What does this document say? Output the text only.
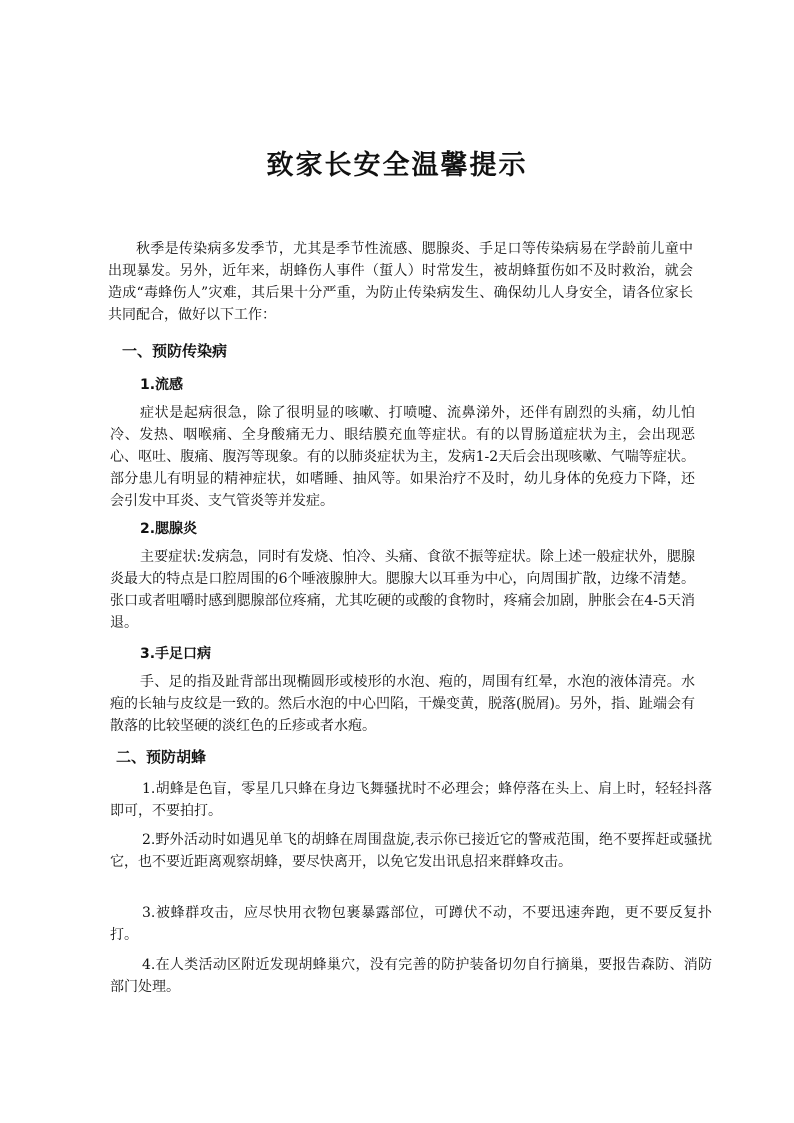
致家长安全温馨提示

秋季是传染病多发季节，尤其是季节性流感、腮腺炎、手足口等传染病易在学龄前儿童中出现暴发。另外，近年来，胡蜂伤人事件（蜇人）时常发生，被胡蜂蜇伤如不及时救治，就会造成“毒蜂伤人”灾难，其后果十分严重，为防止传染病发生、确保幼儿人身安全，请各位家长共同配合，做好以下工作：

一、预防传染病
1.流感

症状是起病很急，除了很明显的咳嗽、打喷嚏、流鼻涕外，还伴有剧烈的头痛，幼儿怕冷、发热、咽喉痛、全身酸痛无力、眼结膜充血等症状。有的以胃肠道症状为主，会出现恶心、呕吐、腹痛、腹泻等现象。有的以肺炎症状为主，发病1-2天后会出现咳嗽、气喘等症状。部分患儿有明显的精神症状，如嗜睡、抽风等。如果治疗不及时，幼儿身体的免疫力下降，还会引发中耳炎、支气管炎等并发症。

2.腮腺炎

主要症状:发病急，同时有发烧、怕冷、头痛、食欲不振等症状。除上述一般症状外，腮腺炎最大的特点是口腔周围的6个唾液腺肿大。腮腺大以耳垂为中心，向周围扩散，边缘不清楚。张口或者咀嚼时感到腮腺部位疼痛，尤其吃硬的或酸的食物时，疼痛会加剧，肿胀会在4-5天消退。

3.手足口病

手、足的指及趾背部出现椭圆形或棱形的水泡、疱的，周围有红晕，水泡的液体清亮。水疱的长轴与皮纹是一致的。然后水泡的中心凹陷，干燥变黄，脱落(脱屑)。另外，指、趾端会有散落的比较坚硬的淡红色的丘疹或者水疱。

二、预防胡蜂

1.胡蜂是色盲，零星几只蜂在身边飞舞骚扰时不必理会；蜂停落在头上、肩上时，轻轻抖落即可，不要拍打。

2.野外活动时如遇见单飞的胡蜂在周围盘旋,表示你已接近它的警戒范围，绝不要挥赶或骚扰它，也不要近距离观察胡蜂，要尽快离开，以免它发出讯息招来群蜂攻击。

3.被蜂群攻击，应尽快用衣物包裹暴露部位，可蹲伏不动，不要迅速奔跑，更不要反复扑打。

4.在人类活动区附近发现胡蜂巢穴，没有完善的防护装备切勿自行摘巢，要报告森防、消防部门处理。
